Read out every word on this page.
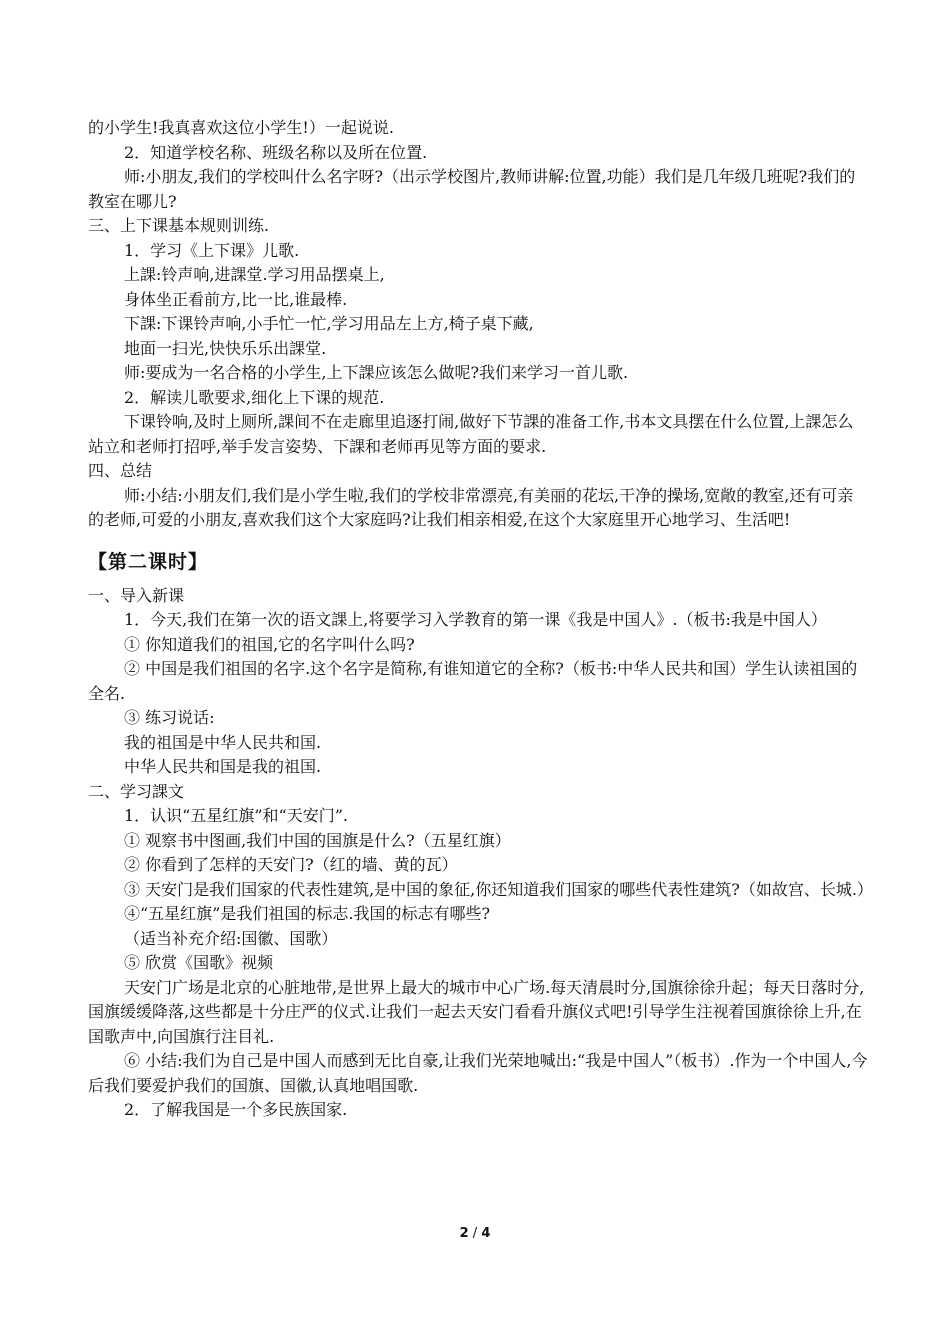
的小学生!我真喜欢这位小学生!）一起说说.

2．知道学校名称、班级名称以及所在位置.

师:小朋友,我们的学校叫什么名字呀?（出示学校图片,教师讲解:位置,功能）我们是几年级几班呢?我们的教室在哪儿?

三、上下课基本规则训练.

1．学习《上下课》儿歌.

上課:铃声响,进課堂.学习用品摆桌上,

身体坐正看前方,比一比,谁最棒.

下課:下课铃声响,小手忙一忙,学习用品左上方,椅子桌下藏,

地面一扫光,快快乐乐出課堂.

师:要成为一名合格的小学生,上下課应该怎么做呢?我们来学习一首儿歌.

2．解读儿歌要求,细化上下课的规范.

下课铃响,及时上厕所,課间不在走廊里追逐打闹,做好下节課的准备工作,书本文具摆在什么位置,上課怎么站立和老师打招呼,举手发言姿势、下課和老师再见等方面的要求.

四、总结

师:小结:小朋友们,我们是小学生啦,我们的学校非常漂亮,有美丽的花坛,干净的操场,宽敞的教室,还有可亲的老师,可爱的小朋友,喜欢我们这个大家庭吗?让我们相亲相爱,在这个大家庭里开心地学习、生活吧!

【第二课时】

一、导入新课

1．今天,我们在第一次的语文課上,将要学习入学教育的第一课《我是中国人》.（板书:我是中国人）

① 你知道我们的祖国,它的名字叫什么吗?

② 中国是我们祖国的名字.这个名字是简称,有谁知道它的全称?（板书:中华人民共和国）学生认读祖国的全名.

③ 练习说话:

我的祖国是中华人民共和国.

中华人民共和国是我的祖国.

二、学习課文

1．认识“五星红旗”和“天安门”.

① 观察书中图画,我们中国的国旗是什么?（五星红旗）

② 你看到了怎样的天安门?（红的墙、黄的瓦）

③ 天安门是我们国家的代表性建筑,是中国的象征,你还知道我们国家的哪些代表性建筑?（如故宫、长城.）

④“五星红旗”是我们祖国的标志.我国的标志有哪些?

（适当补充介绍:国徽、国歌）

⑤ 欣赏《国歌》视频

天安门广场是北京的心脏地带,是世界上最大的城市中心广场.每天清晨时分,国旗徐徐升起；每天日落时分,国旗缓缓降落,这些都是十分庄严的仪式.让我们一起去天安门看看升旗仪式吧!引导学生注视着国旗徐徐上升,在国歌声中,向国旗行注目礼.

⑥ 小结:我们为自己是中国人而感到无比自豪,让我们光荣地喊出:“我是中国人”（板书）.作为一个中国人,今后我们要爱护我们的国旗、国徽,认真地唱国歌.

2．了解我国是一个多民族国家.

2 / 4
